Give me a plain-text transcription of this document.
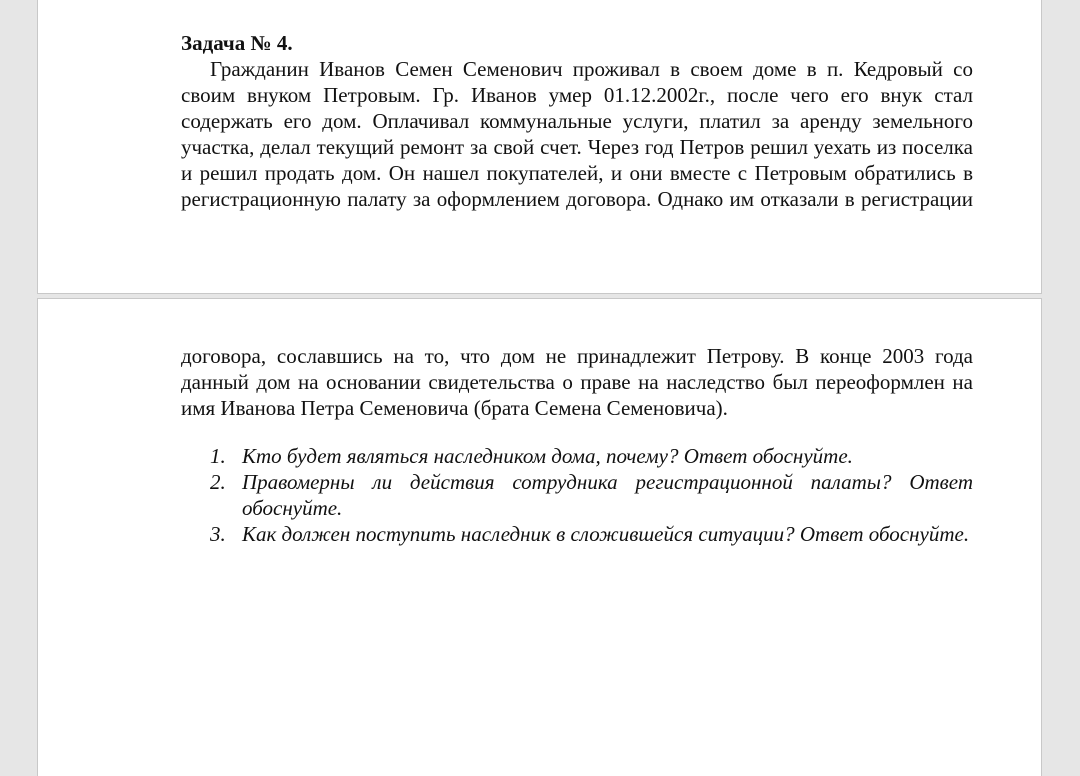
Задача № 4.

Гражданин Иванов Семен Семенович проживал в своем доме в п. Кедровый со своим внуком Петровым. Гр. Иванов умер 01.12.2002г., после чего его внук стал содержать его дом. Оплачивал коммунальные услуги, платил за аренду земельного участка, делал текущий ремонт за свой счет. Через год Петров решил уехать из поселка и решил продать дом. Он нашел покупателей, и они вместе с Петровым обратились в регистрационную палату за оформлением договора. Однако им отказали в регистрации

договора, сославшись на то, что дом не принадлежит Петрову. В конце 2003 года данный дом на основании свидетельства о праве на наследство был переоформлен на имя Иванова Петра Семеновича (брата Семена Семеновича).

1. Кто будет являться наследником дома, почему? Ответ обоснуйте.
2. Правомерны ли действия сотрудника регистрационной палаты? Ответ обоснуйте.
3. Как должен поступить наследник в сложившейся ситуации? Ответ обоснуйте.
